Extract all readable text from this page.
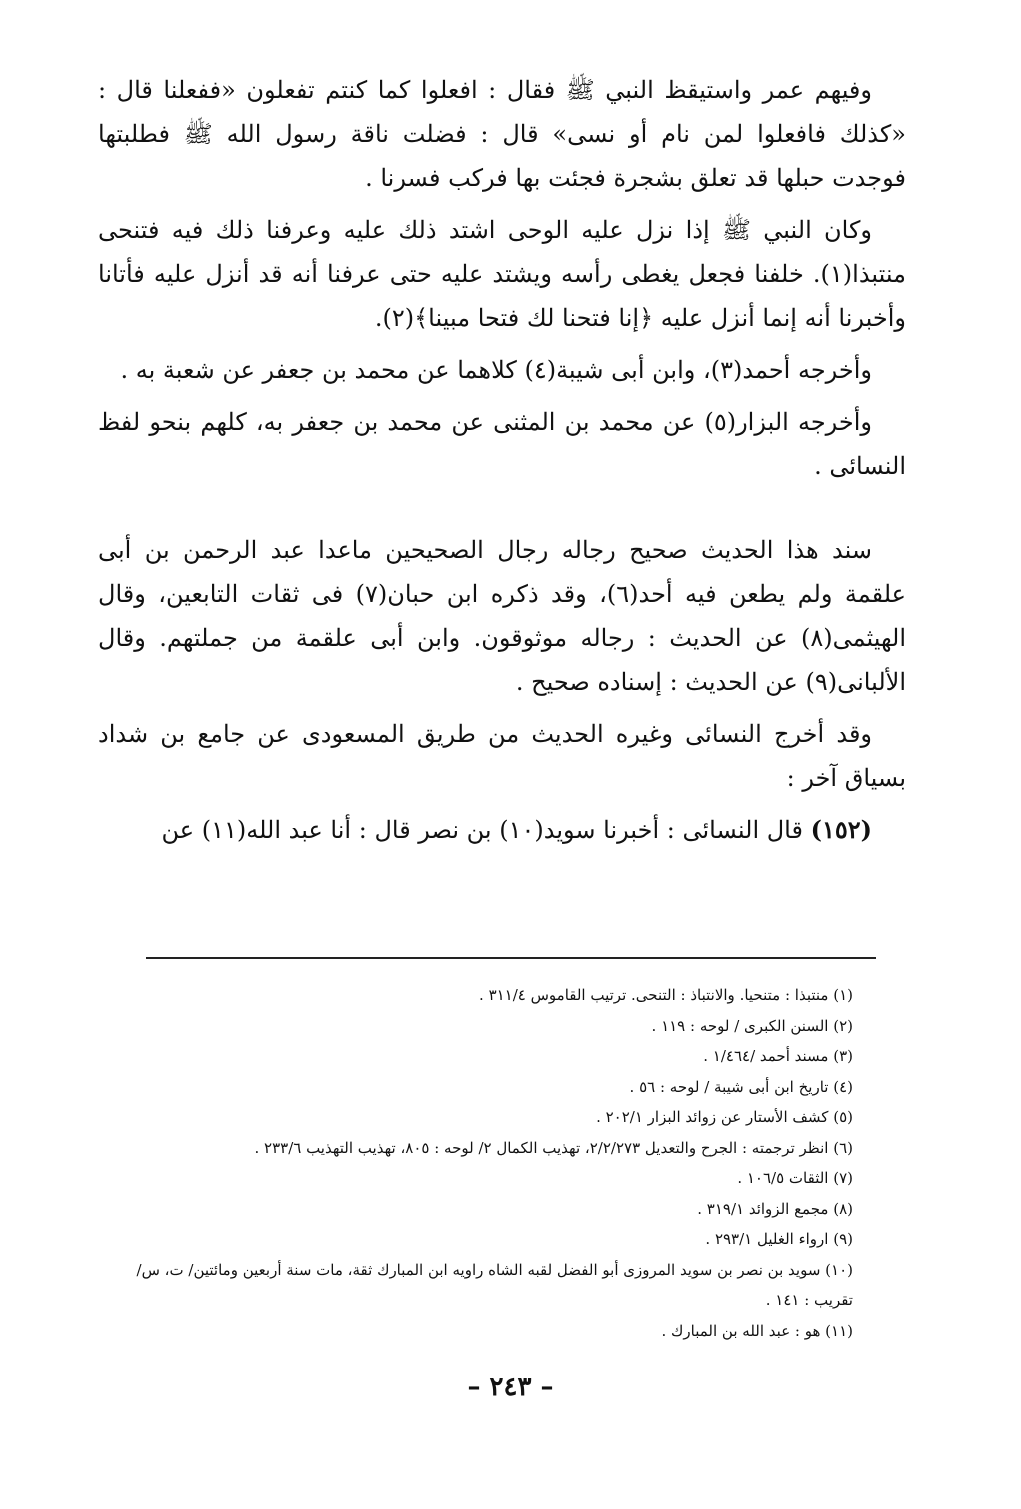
وفيهم عمر واستيقظ النبي ﷺ فقال : افعلوا كما كنتم تفعلون «ففعلنا قال : «كذلك فافعلوا لمن نام أو نسى» قال : فضلت ناقة رسول الله ﷺ فطلبتها فوجدت حبلها قد تعلق بشجرة فجئت بها فركب فسرنا .

وكان النبي ﷺ إذا نزل عليه الوحى اشتد ذلك عليه وعرفنا ذلك فيه فتنحى منتبذا(١). خلفنا فجعل يغطى رأسه ويشتد عليه حتى عرفنا أنه قد أنزل عليه فأتانا وأخبرنا أنه إنما أنزل عليه ﴿إنا فتحنا لك فتحا مبينا﴾(٢).

وأخرجه أحمد(٣)، وابن أبى شيبة(٤) كلاهما عن محمد بن جعفر عن شعبة به .

وأخرجه البزار(٥) عن محمد بن المثنى عن محمد بن جعفر به، كلهم بنحو لفظ النسائى .

سند هذا الحديث صحيح رجاله رجال الصحيحين ماعدا عبد الرحمن بن أبى علقمة ولم يطعن فيه أحد(٦)، وقد ذكره ابن حبان(٧) فى ثقات التابعين، وقال الهيثمى(٨) عن الحديث : رجاله موثوقون. وابن أبى علقمة من جملتهم. وقال الألبانى(٩) عن الحديث : إسناده صحيح .

وقد أخرج النسائى وغيره الحديث من طريق المسعودى عن جامع بن شداد بسياق آخر :

(١٥٢) قال النسائى : أخبرنا سويد(١٠) بن نصر قال : أنا عبد الله(١١) عن

(١) منتبذا : متنحيا. والانتباذ : التنحى. ترتيب القاموس ٣١١/٤ .
(٢) السنن الكبرى / لوحه : ١١٩ .
(٣) مسند أحمد /١/٤٦٤ .
(٤) تاريخ ابن أبى شيبة / لوحه : ٥٦ .
(٥) كشف الأستار عن زوائد البزار ٢٠٢/١ .
(٦) انظر ترجمته : الجرح والتعديل ٢/٢/٢٧٣، تهذيب الكمال ٢/ لوحه : ٨٠٥، تهذيب التهذيب ٢٣٣/٦ .
(٧) الثقات ١٠٦/٥ .
(٨) مجمع الزوائد ٣١٩/١ .
(٩) ارواء الغليل ٢٩٣/١ .
(١٠) سويد بن نصر بن سويد المروزى أبو الفضل لقبه الشاه راويه ابن المبارك ثقة، مات سنة أربعين ومائتين/ ت، س/ تقريب : ١٤١ .
(١١) هو : عبد الله بن المبارك .
– ٢٤٣ –
